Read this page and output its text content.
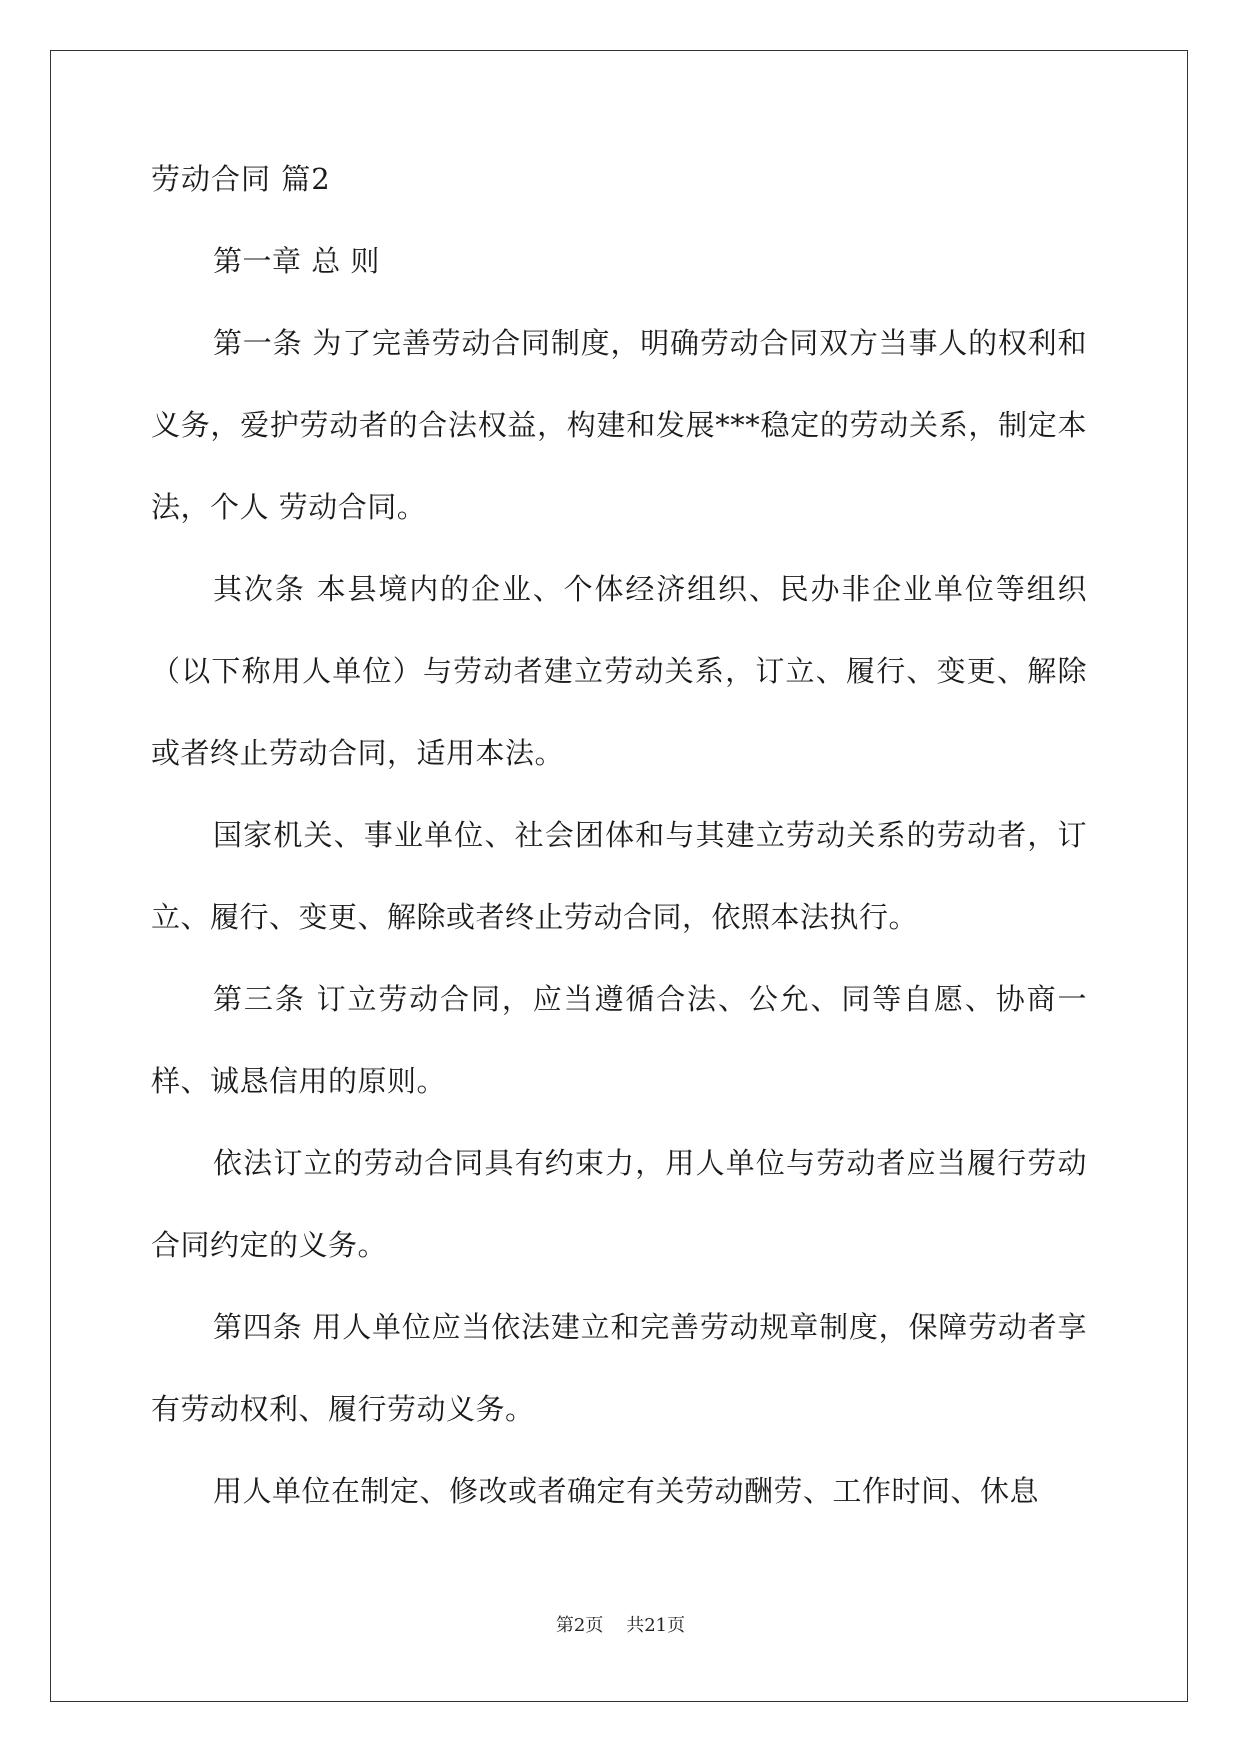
劳动合同 篇2

第一章 总 则

第一条 为了完善劳动合同制度，明确劳动合同双方当事人的权利和义务，爱护劳动者的合法权益，构建和发展***稳定的劳动关系，制定本法，个人 劳动合同。

其次条 本县境内的企业、个体经济组织、民办非企业单位等组织（以下称用人单位）与劳动者建立劳动关系，订立、履行、变更、解除或者终止劳动合同，适用本法。

国家机关、事业单位、社会团体和与其建立劳动关系的劳动者，订立、履行、变更、解除或者终止劳动合同，依照本法执行。

第三条 订立劳动合同，应当遵循合法、公允、同等自愿、协商一样、诚恳信用的原则。

依法订立的劳动合同具有约束力，用人单位与劳动者应当履行劳动合同约定的义务。

第四条 用人单位应当依法建立和完善劳动规章制度，保障劳动者享有劳动权利、履行劳动义务。

用人单位在制定、修改或者确定有关劳动酬劳、工作时间、休息

第2页 共21页
